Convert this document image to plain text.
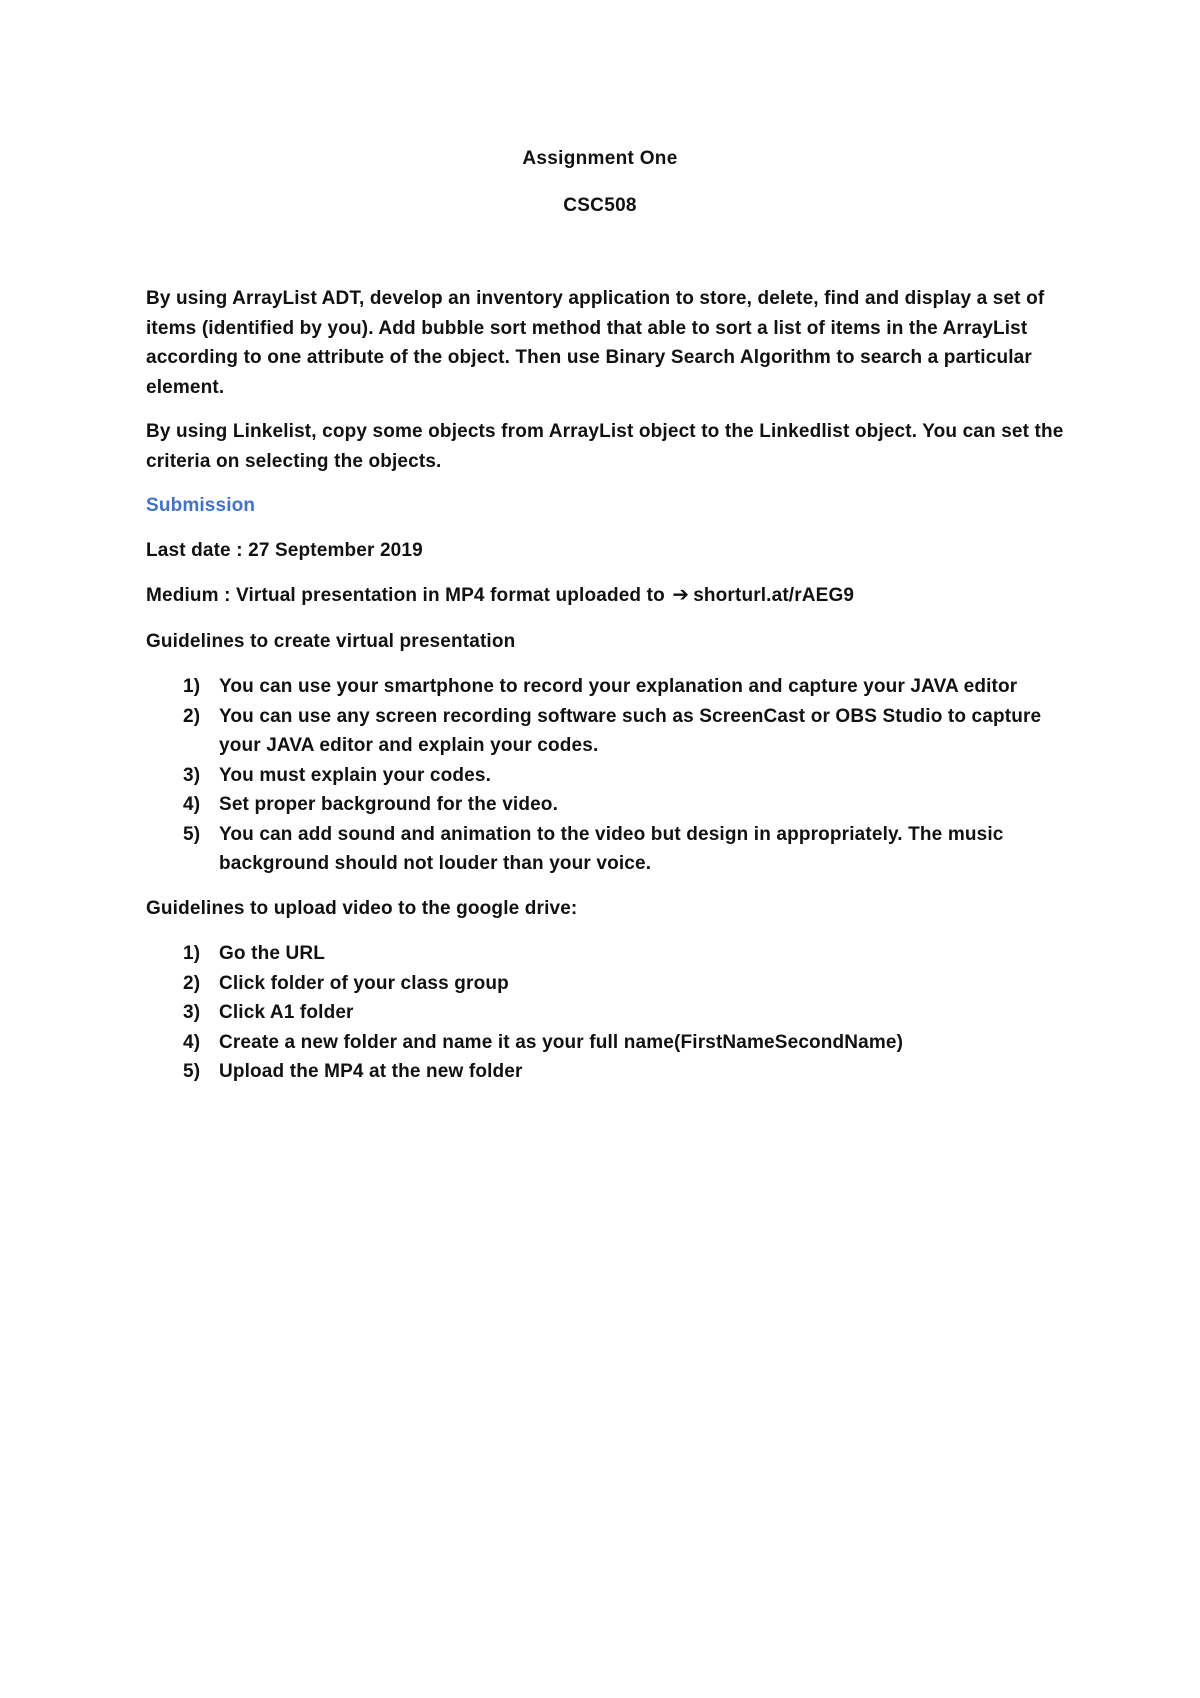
Assignment One
CSC508

By using ArrayList ADT, develop an inventory application to store, delete, find and display a set of items (identified by you). Add bubble sort method that able to sort a list of items in the ArrayList according to one attribute of the object. Then use Binary Search Algorithm to search a particular element.

By using Linkelist, copy some objects from ArrayList object to the Linkedlist object. You can set the criteria on selecting the objects.

Submission
Last date : 27 September 2019
Medium : Virtual presentation in MP4 format uploaded to ➔ shorturl.at/rAEG9
Guidelines to create virtual presentation
1) You can use your smartphone to record your explanation and capture your JAVA editor
2) You can use any screen recording software such as ScreenCast or OBS Studio to capture your JAVA editor and explain your codes.
3) You must explain your codes.
4) Set proper background for the video.
5) You can add sound and animation to the video but design in appropriately. The music background should not louder than your voice.
Guidelines to upload video to the google drive:
1) Go the URL
2) Click folder of your class group
3) Click A1 folder
4) Create a new folder and name it as your full name(FirstNameSecondName)
5) Upload the MP4 at the new folder
